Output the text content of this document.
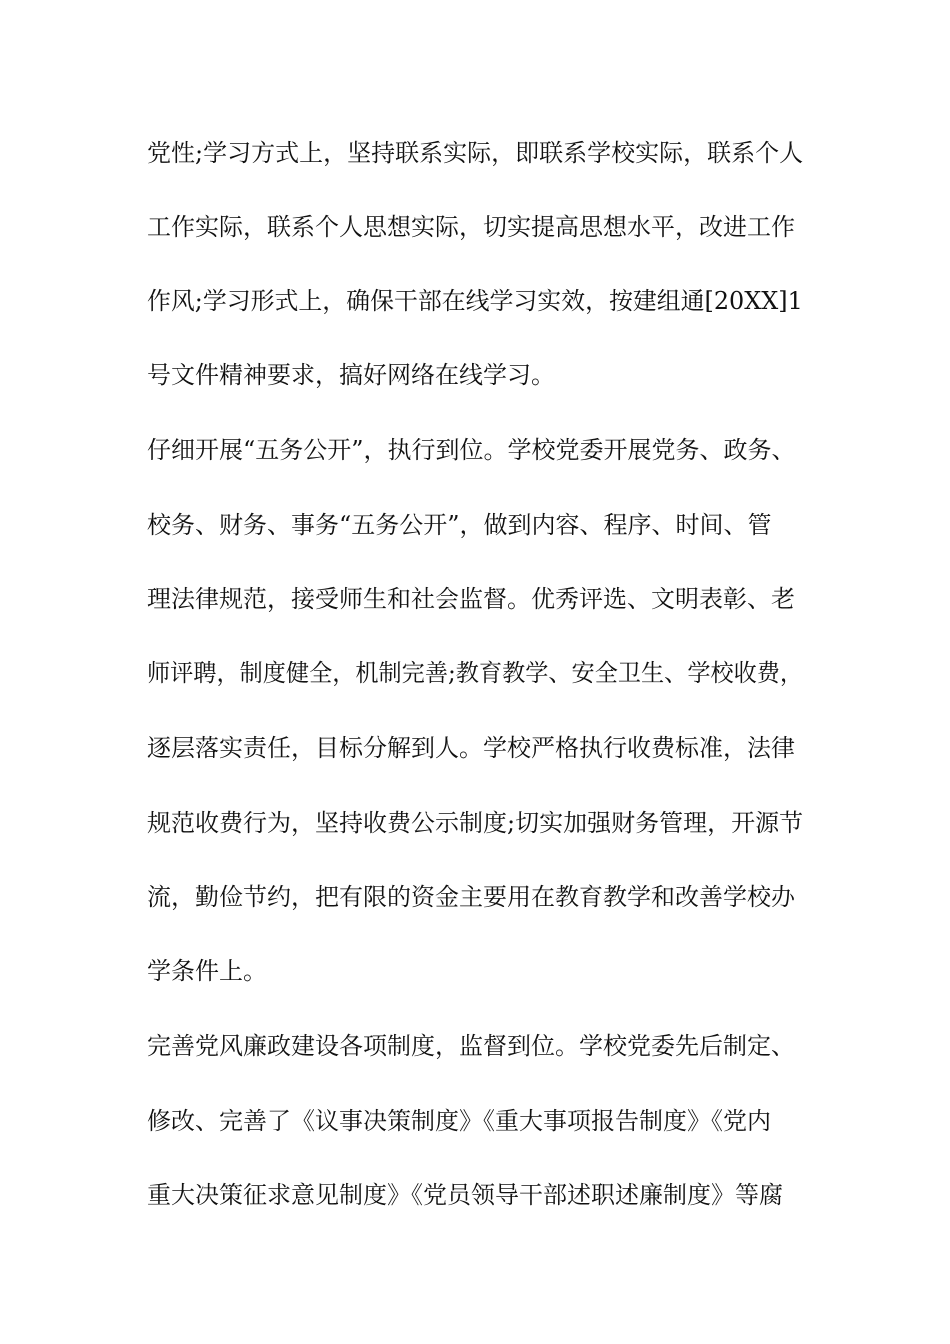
党性;学习方式上，坚持联系实际，即联系学校实际，联系个人
工作实际，联系个人思想实际，切实提高思想水平，改进工作
作风;学习形式上，确保干部在线学习实效，按建组通[20XX]1
号文件精神要求，搞好网络在线学习。
仔细开展“五务公开”，执行到位。学校党委开展党务、政务、
校务、财务、事务“五务公开”，做到内容、程序、时间、管
理法律规范，接受师生和社会监督。优秀评选、文明表彰、老
师评聘，制度健全，机制完善;教育教学、安全卫生、学校收费，
逐层落实责任，目标分解到人。学校严格执行收费标准，法律
规范收费行为，坚持收费公示制度;切实加强财务管理，开源节
流，勤俭节约，把有限的资金主要用在教育教学和改善学校办
学条件上。
完善党风廉政建设各项制度，监督到位。学校党委先后制定、
修改、完善了《议事决策制度》《重大事项报告制度》《党内
重大决策征求意见制度》《党员领导干部述职述廉制度》等腐
